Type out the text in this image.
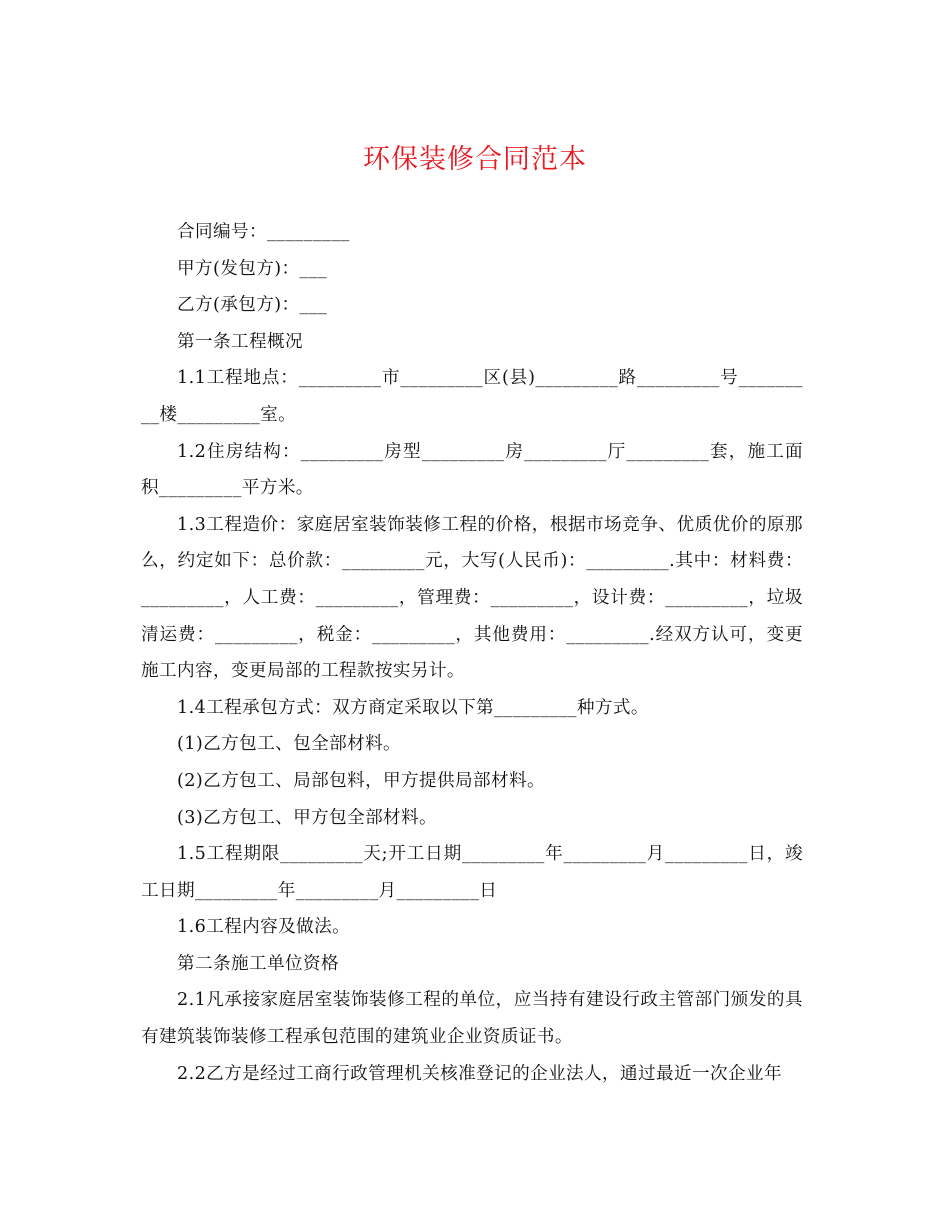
环保装修合同范本

合同编号：_________

甲方(发包方)：___

乙方(承包方)：___

第一条工程概况

1.1工程地点：_________市_________区(县)_________路_________号_________楼_________室。

1.2住房结构：_________房型_________房_________厅_________套，施工面积_________平方米。

1.3工程造价：家庭居室装饰装修工程的价格，根据市场竞争、优质优价的原那么，约定如下：总价款：_________元，大写(人民币)：_________.其中：材料费：_________，人工费：_________，管理费：_________，设计费：_________，垃圾清运费：_________，税金：_________，其他费用：_________.经双方认可，变更施工内容，变更局部的工程款按实另计。

1.4工程承包方式：双方商定采取以下第_________种方式。

(1)乙方包工、包全部材料。

(2)乙方包工、局部包料，甲方提供局部材料。

(3)乙方包工、甲方包全部材料。

1.5工程期限_________天;开工日期_________年_________月_________日，竣工日期_________年_________月_________日

1.6工程内容及做法。

第二条施工单位资格

2.1凡承接家庭居室装饰装修工程的单位，应当持有建设行政主管部门颁发的具有建筑装饰装修工程承包范围的建筑业企业资质证书。

2.2乙方是经过工商行政管理机关核准登记的企业法人，通过最近一次企业年
